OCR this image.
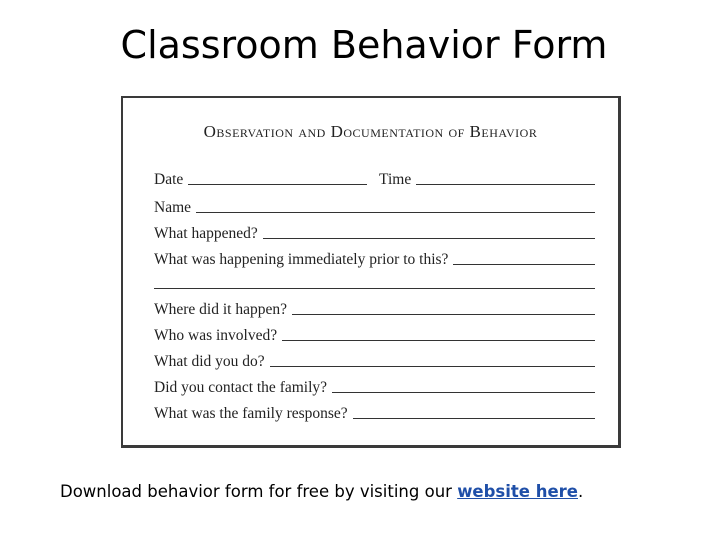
Classroom Behavior Form
Observation and Documentation of Behavior
Date	Time
Name
What happened?
What was happening immediately prior to this?
Where did it happen?
Who was involved?
What did you do?
Did you contact the family?
What was the family response?
Download behavior form for free by visiting our website here.
